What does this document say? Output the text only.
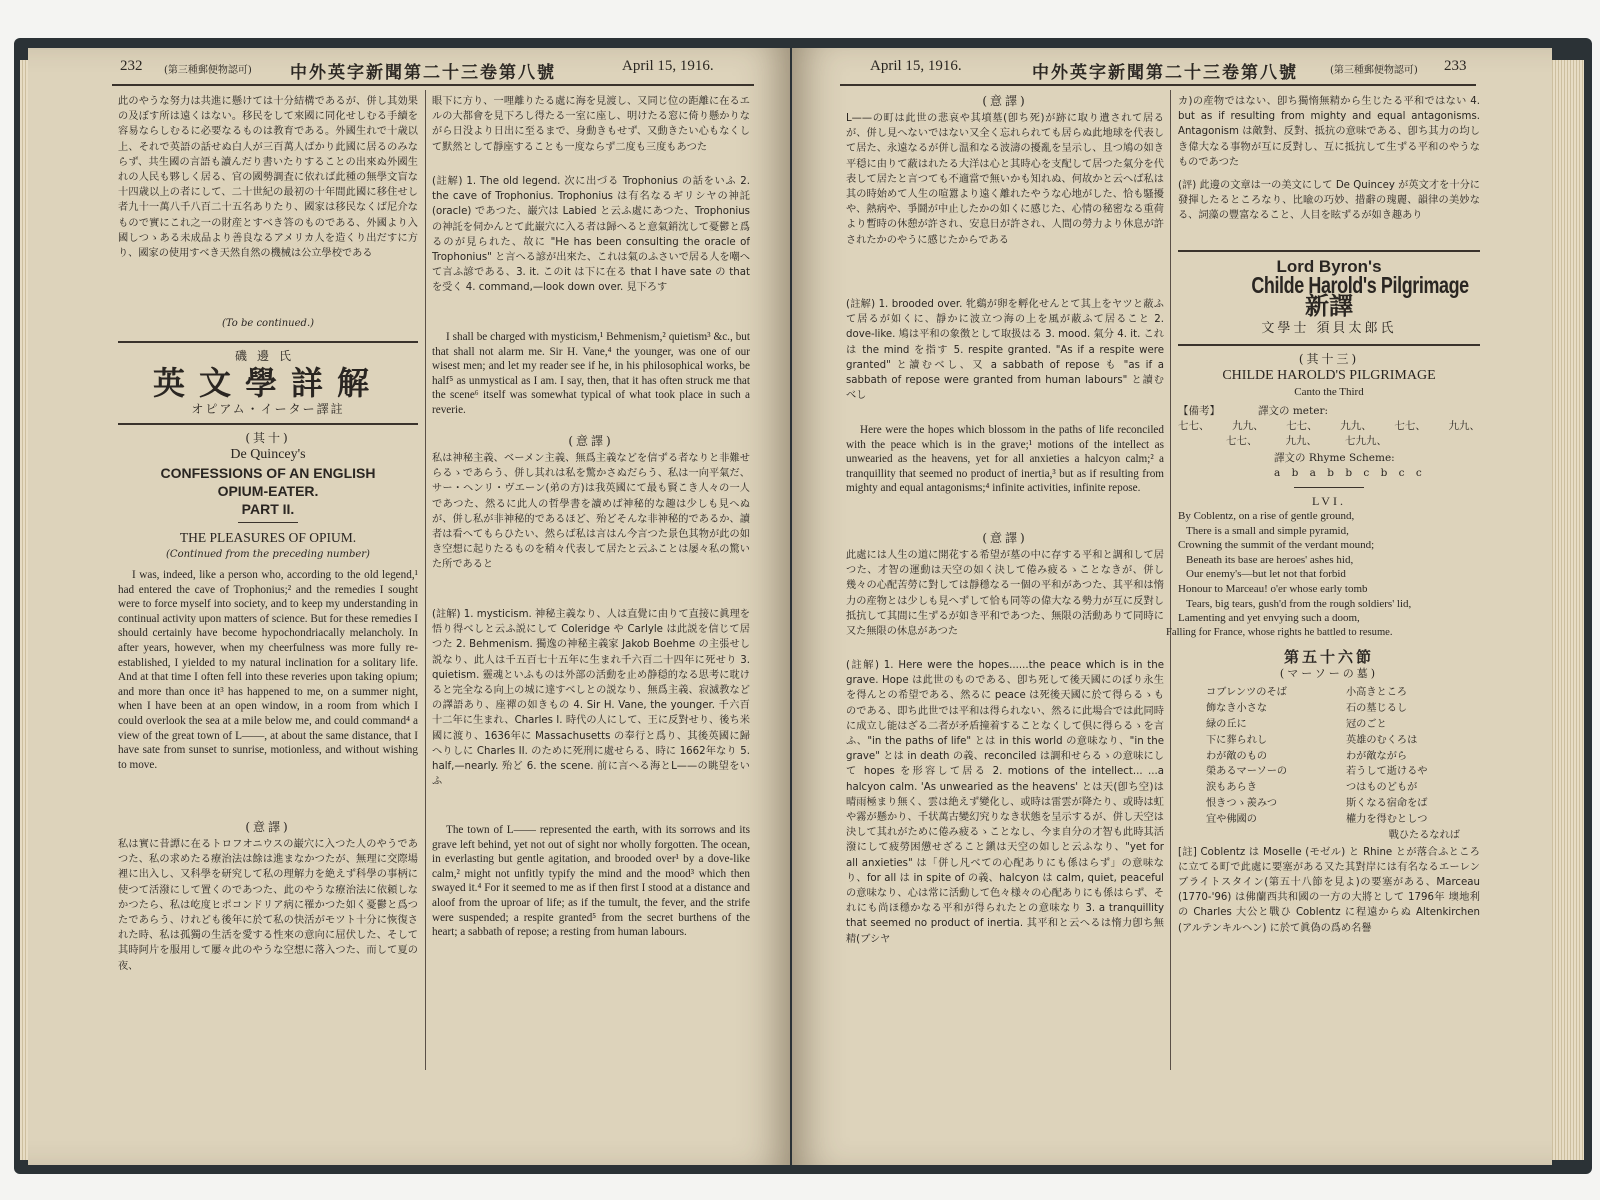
232 (第三種郵便物認可) 中外英字新聞第二十三卷第八號	April 15, 1916.

此のやうな努力は共進に懸けては十分結構であるが、併し其効果の及ぼす所は遠くはない。移民をして來國に同化せしむる手續を容易ならしむるに必要なるものは教育である。外國生れで十歳以上、それで英語の話せぬ白人が三百萬人ばかり此國に居るのみならず、共生國の言語も讀んだり書いたりすることの出來ぬ外國生れの人民も夥しく居る、官の國勢調査に依れば此種の無學文盲な十四歳以上の者にして、二十世紀の最初の十年間此國に移住せし者九十一萬八千八百二十五名ありたり、國家は移民なくば尼介なもので實にこれ之一の財産とすべき答のものである、外國より入國しつゝある未成品より善良なるアメリカ人を造くり出だすに方り、國家の使用すべき天然自然の機械は公立學校である

(To be continued.)

磯邊氏

英文學詳解

オピアム・イーター譯註

(其十)

De Quincey's

CONFESSIONS OF AN ENGLISH OPIUM-EATER.

PART II.

THE PLEASURES OF OPIUM.

(Continued from the preceding number)

I was, indeed, like a person who, according to the old legend,¹ had entered the cave of Trophonius;² and the remedies I sought were to force myself into society, and to keep my understanding in continual activity upon matters of science. But for these remedies I should certainly have become hypochondriacally melancholy. In after years, however, when my cheerfulness was more fully re-established, I yielded to my natural inclination for a solitary life. And at that time I often fell into these reveries upon taking opium; and more than once it³ has happened to me, on a summer night, when I have been at an open window, in a room from which I could overlook the sea at a mile below me, and could command⁴ a view of the great town of L——, at about the same distance, that I have sate from sunset to sunrise, motionless, and without wishing to move.

(意譯)

私は實に昔譚に在るトロフオニウスの巌穴に入つた人のやうであつた、私の求めたる療治法は餘は進まなかつたが、無理に交際場裡に出入し、又科學を研究して私の理解力を絶えず科學の事柄に使つて活潑にして置くのであつた、此のやうな療治法に依頼しなかつたら、私は屹度ヒポコンドリア病に罹かつた如く憂鬱と爲つたであらう、けれども後年に於て私の快活がモツト十分に恢復された時、私は孤獨の生活を愛する性來の意向に屈伏した、そして其時阿片を服用して屢々此のやうな空想に落入つた、而して夏の夜、

眼下に方り、一哩離りたる處に海を見渡し、又同じ位の距離に在るエルの大都會を見下ろし得たる一室に座し、明けたる窓に倚り懸かりながら日没より日出に至るまで、身動きもせず、又動きたい心もなくして默然として靜座することも一度ならず二度も三度もあつた

(註解) 1. The old legend. 次に出づる Trophonius の話をいふ 2. the cave of Trophonius. Trophonius は有名なるギリシヤの神託 (oracle) であつた、巌穴は Labied と云ふ處にあつた、Trophonius の神託を伺かんとて此巌穴に入る者は歸へると意氣銷沈して憂鬱と爲るのが見られた、故に "He has been consulting the oracle of Trophonius" と言へる諺が出來た、これは氣のふさいで居る人を嘲へて言ふ諺である、3. it. このit は下に在る that I have sate の that を受く 4. command,—look down over. 見下ろす

I shall be charged with mysticism,¹ Behmenism,² quietism³ &c., but that shall not alarm me. Sir H. Vane,⁴ the younger, was one of our wisest men; and let my reader see if he, in his philosophical works, be half⁵ as unmystical as I am. I say, then, that it has often struck me that the scene⁶ itself was somewhat typical of what took place in such a reverie.

(意譯)

私は神秘主義、ベーメン主義、無爲主義などを信ずる者なりと非難せらるゝであらう、併し其れは私を驚かさぬだらう、私は一向平氣だ、サー・ヘンリ・ヴエーン(弟の方)は我英國にて最も賢こき人々の一人であつた、然るに此人の哲學書を讀めば神秘的な趣は少しも見へぬが、併し私が非神秘的であるほど、殆どそんな非神秘的であるか、讀者は看へてもらひたい、然らば私は言はん今言つた景色其物が此の如き空想に起りたるものを稍々代表して居たと云ふことは屡々私の驚いた所であると

(註解) 1. mysticism. 神秘主義なり、人は直覺に由りて直接に眞理を悟り得べしと云ふ説にして Coleridge や Carlyle は此説を信じて居つた 2. Behmenism. 獨逸の神秘主義家 Jakob Boehme の主張せし説なり、此人は千五百七十五年に生まれ千六百二十四年に死せり 3. quietism. 靈魂といふものは外部の活動を止め静穏的なる思考に耽けると完全なる向上の城に達すべしとの説なり、無爲主義、寂滅教などの譯語あり、座禪の如きもの 4. Sir H. Vane, the younger. 千六百十二年に生まれ、Charles I. 時代の人にして、王に反對せり、後ち米國に渡り、1636年に Massachusetts の奉行と爲り、其後英國に歸へりしに Charles II. のために死刑に處せらる、時に 1662年なり 5. half,—nearly. 殆ど 6. the scene. 前に言へる海とL——の眺望をいふ

The town of L—— represented the earth, with its sorrows and its grave left behind, yet not out of sight nor wholly forgotten. The ocean, in everlasting but gentle agitation, and brooded over¹ by a dove-like calm,² might not unfitly typify the mind and the mood³ which then swayed it.⁴ For it seemed to me as if then first I stood at a distance and aloof from the uproar of life; as if the tumult, the fever, and the strife were suspended; a respite granted⁵ from the secret burthens of the heart; a sabbath of repose; a resting from human labours.

April 15, 1916.	中外英字新聞第二十三卷第八號	(第三種郵便物認可) 233

(意譯)

L——の町は此世の悲哀や其墳墓(卽ち死)が跡に取り遺されて居るが、併し見へないではない又全く忘れられても居らぬ此地球を代表して居た、永遠なるが併し温和なる波濤の擾亂を呈示し、且つ鳩の如き平穏に由りて蔽はれたる大洋は心と其時心を支配して居つた氣分を代表して居たと言つても不適當で無いかも知れぬ、何故かと云へば私は其の時始めて人生の喧囂より遠く離れたやうな心地がした、恰も騷擾や、熱病や、爭鬪が中止したかの如くに感じた、心情の秘密なる重荷より暫時の休憩が許され、安息日が許され、人間の勞力より休息が許されたかのやうに感じたからである

(註解) 1. brooded over. 牝鷄が卵を孵化せんとて其上をヤツと蔽ふて居るが如くに、靜かに波立つ海の上を風が蔽ふて居ること 2. dove-like. 鳩は平和の象徴として取扱はる 3. mood. 氣分 4. it. これは the mind を指す 5. respite granted. "As if a respite were granted" と讀むべし、又 a sabbath of repose も "as if a sabbath of repose were granted from human labours" と讀むべし

Here were the hopes which blossom in the paths of life reconciled with the peace which is in the grave;¹ motions of the intellect as unwearied as the heavens, yet for all anxieties a halcyon calm;² a tranquillity that seemed no product of inertia,³ but as if resulting from mighty and equal antagonisms;⁴ infinite activities, infinite repose.

(意譯)

此處には人生の道に開花する希望が墓の中に存する平和と調和して居つた、才智の運動は天空の如く決して倦み疲るゝことなきが、併し幾々の心配苦勞に對しては靜穩なる一個の平和があつた、其平和は惰力の産物とは少しも見へずして恰も同等の偉大なる勢力が互に反對し抵抗して其間に生ずるが如き平和であつた、無限の活動ありて同時に又た無限の休息があつた

(註解) 1. Here were the hopes......the peace which is in the grave. Hope は此世のものである、卽ち死して後天國にのぼり永生を得んとの希望である、然るに peace は死後天國に於て得らるゝものである、即ち此世では平和は得られない、然るに此場合では此同時に成立し能はざる二者が矛盾撞着することなくして倶に得らるゝを言ふ、"in the paths of life" とは in this world の意味なり、"in the grave" とは in death の義、reconciled は調和せらるゝの意味にして hopes を形容して居る 2. motions of the intellect... ...a halcyon calm. 'As unwearied as the heavens' とは天(卽ち空)は晴雨極まり無く、雲は絶えず變化し、或時は雷雲が降たり、或時は虹や霧が懸かり、千状萬古變幻究りなき状態を呈示するが、併し天空は決して其れがために倦み疲るゝことなし、今ま自分の才智も此時其活潑にして疲勞困憊せざること鎭は天空の如しと云ふなり、"yet for all anxieties" は「併し凡べての心配ありにも係はらず」の意味なり、for all は in spite of の義、halcyon は calm, quiet, peaceful の意味なり、心は常に活動して色々様々の心配ありにも係はらず、それにも尚ほ穩かなる平和が得られたとの意味なり 3. a tranquillity that seemed no product of inertia. 其平和と云へるは惰力卽ち無精(ブシヤ

カ)の産物ではない、卽ち獨惰無精から生じたる平和ではない 4. but as if resulting from mighty and equal antagonisms. Antagonism は敵對、反對、抵抗の意味である、卽ち其力の均しき偉大なる事物が互に反對し、互に抵抗して生ずる平和のやうなものであつた

(評) 此邊の文章は一の美文にして De Quincey が英文才を十分に發揮したるところなり、比喩の巧妙、措辭の瑰麗、韻律の美妙なる、詞藻の豐富なること、人目を眩ずるが如き趣あり

Lord Byron's

Childe Harold's Pilgrimage新譯

文學士 須貝太郎氏

(其十三)

CHILDE HAROLD'S PILGRIMAGE

Canto the Third

【備考】	譯文の meter:
七七、 九九、 七七、 九九、 七七、 九九、
七七、	九九、	七九九、

譯文の Rhyme Scheme:

a b a b b c b c c

LVI.

By Coblentz, on a rise of gentle ground,
There is a small and simple pyramid,
Crowning the summit of the verdant mound;
Beneath its base are heroes' ashes hid,
Our enemy's—but let not that forbid
Honour to Marceau! o'er whose early tomb
Tears, big tears, gush'd from the rough soldiers' lid,
Lamenting and yet envying such a doom,
Falling for France, whose rights he battled to resume.

第五十六節

(マーソーの墓)

コブレンツのそば	小高きところ
飾なき小さな	石の墓じるし
緑の丘に	冠のごと
下に葬られし	英雄のむくろは
わが敵のもの	わが敵ながら
榮あるマーソーの	若うして逝けるや
涙もあらき	つはものどもが
恨きつゝ羨みつ	斯くなる宿命をば
宜や佛國の	權力を得むとしつ

戰ひたるなれば

[註] Coblentz は Moselle (モゼル) と Rhine とが落合ふところに立てる町で此處に要塞がある又た其對岸には有名なるエーレンブライトスタイン(第五十八節を見よ)の要塞がある、Marceau (1770-'96) は佛蘭西共和國の一方の大將として 1796年 墺地利の Charles 大公と戰ひ Coblentz に程遠からぬ Altenkirchen (アルテンキルヘン) に於て眞偽の爲め名譽
